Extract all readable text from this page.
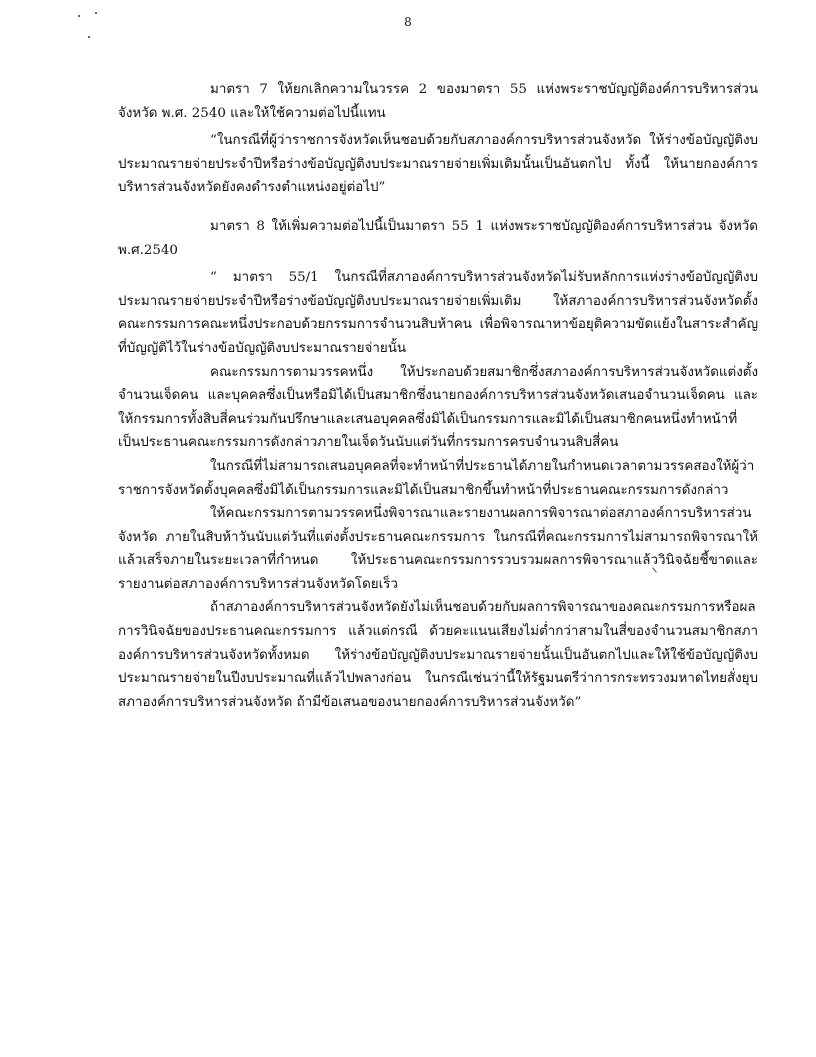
8

มาตรา 7 ให้ยกเลิกความในวรรค 2 ของมาตรา 55 แห่งพระราชบัญญัติองค์การบริหารส่วน จังหวัด พ.ศ. 2540 และให้ใช้ความต่อไปนี้แทน

“ในกรณีที่ผู้ว่าราชการจังหวัดเห็นชอบด้วยกับสภาองค์การบริหารส่วนจังหวัด ให้ร่างข้อบัญญัติงบประมาณรายจ่ายประจำปีหรือร่างข้อบัญญัติงบประมาณรายจ่ายเพิ่มเติมนั้นเป็นอันตกไป ทั้งนี้ ให้นายกองค์การบริหารส่วนจังหวัดยังคงดำรงตำแหน่งอยู่ต่อไป”

มาตรา 8 ให้เพิ่มความต่อไปนี้เป็นมาตรา 55 1 แห่งพระราชบัญญัติองค์การบริหารส่วน จังหวัด พ.ศ.2540

“ มาตรา 55/1 ในกรณีที่สภาองค์การบริหารส่วนจังหวัดไม่รับหลักการแห่งร่างข้อบัญญัติงบประมาณรายจ่ายประจำปีหรือร่างข้อบัญญัติงบประมาณรายจ่ายเพิ่มเติม ให้สภาองค์การบริหารส่วนจังหวัดตั้งคณะกรรมการคณะหนึ่งประกอบด้วยกรรมการจำนวนสิบห้าคน เพื่อพิจารณาหาข้อยุติความขัดแย้งในสาระสำคัญที่บัญญัติไว้ในร่างข้อบัญญัติงบประมาณรายจ่ายนั้น

คณะกรรมการตามวรรคหนึ่ง ให้ประกอบด้วยสมาชิกซึ่งสภาองค์การบริหารส่วนจังหวัดแต่งตั้งจำนวนเจ็ดคน และบุคคลซึ่งเป็นหรือมิได้เป็นสมาชิกซึ่งนายกองค์การบริหารส่วนจังหวัดเสนอจำนวนเจ็ดคน และให้กรรมการทั้งสิบสี่คนร่วมกันปรึกษาและเสนอบุคคลซึ่งมิได้เป็นกรรมการและมิได้เป็นสมาชิกคนหนึ่งทำหน้าที่เป็นประธานคณะกรรมการดังกล่าวภายในเจ็ดวันนับแต่วันที่กรรมการครบจำนวนสิบสี่คน

ในกรณีที่ไม่สามารถเสนอบุคคลที่จะทำหน้าที่ประธานได้ภายในกำหนดเวลาตามวรรคสองให้ผู้ว่าราชการจังหวัดตั้งบุคคลซึ่งมิได้เป็นกรรมการและมิได้เป็นสมาชิกขึ้นทำหน้าที่ประธานคณะกรรมการดังกล่าว

ให้คณะกรรมการตามวรรคหนึ่งพิจารณาและรายงานผลการพิจารณาต่อสภาองค์การบริหารส่วนจังหวัด ภายในสิบห้าวันนับแต่วันที่แต่งตั้งประธานคณะกรรมการ ในกรณีที่คณะกรรมการไม่สามารถพิจารณาให้แล้วเสร็จภายในระยะเวลาที่กำหนด ให้ประธานคณะกรรมการรวบรวมผลการพิจารณาแล้ววินิจฉัยชี้ขาดและรายงานต่อสภาองค์การบริหารส่วนจังหวัดโดยเร็ว

ถ้าสภาองค์การบริหารส่วนจังหวัดยังไม่เห็นชอบด้วยกับผลการพิจารณาของคณะกรรมการหรือผลการวินิจฉัยของประธานคณะกรรมการ แล้วแต่กรณี ด้วยคะแนนเสียงไม่ต่ำกว่าสามในสี่ของจำนวนสมาชิกสภาองค์การบริหารส่วนจังหวัดทั้งหมด ให้ร่างข้อบัญญัติงบประมาณรายจ่ายนั้นเป็นอันตกไปและให้ใช้ข้อบัญญัติงบประมาณรายจ่ายในปีงบประมาณที่แล้วไปพลางก่อน ในกรณีเช่นว่านี้ให้รัฐมนตรีว่าการกระทรวงมหาดไทยสั่งยุบสภาองค์การบริหารส่วนจังหวัด ถ้ามีข้อเสนอของนายกองค์การบริหารส่วนจังหวัด”
